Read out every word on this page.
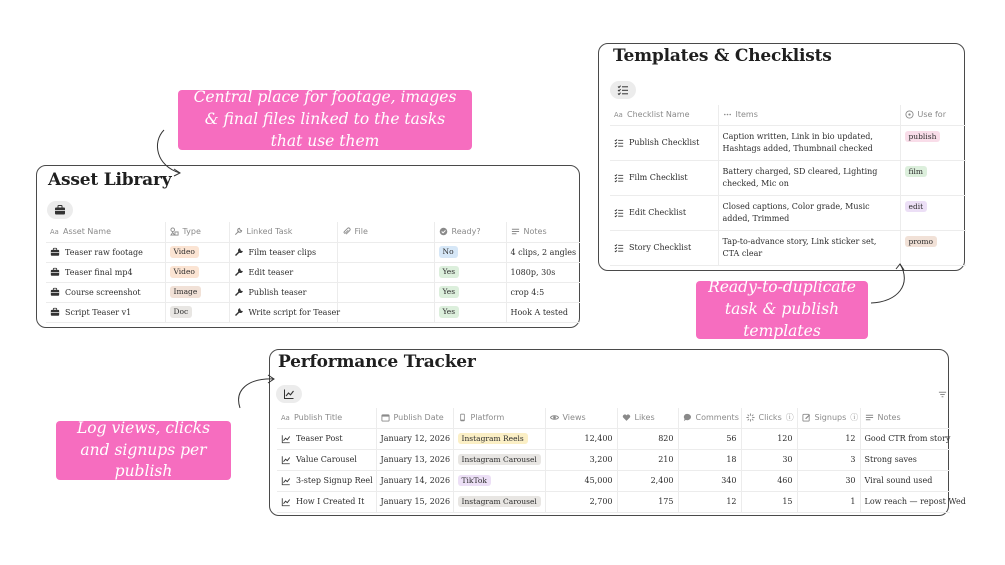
Asset Library
Aa Asset Name	Type	Linked Task	File	Ready?	Notes

Teaser raw footage	Video	Film teaser clips		No	4 clips, 2 angles

Teaser final mp4	Video	Edit teaser		Yes	1080p, 30s

Course screenshot	Image	Publish teaser		Yes	crop 4:5

Script Teaser v1	Doc	Write script for Teaser		Yes	Hook A tested
Templates & Checklists
Aa Checklist Name	Items	Use for

Publish Checklist	Caption written, Link in bio updated, Hashtags added, Thumbnail checked	publish

Film Checklist	Battery charged, SD cleared, Lighting checked, Mic on	film

Edit Checklist	Closed captions, Color grade, Music added, Trimmed	edit

Story Checklist	Tap-to-advance story, Link sticker set, CTA clear	promo
Performance Tracker
Aa Publish Title	Publish Date	Platform	Views	Likes	Comments	Clicks ⓘ	Signups ⓘ	Notes

Teaser Post	January 12, 2026	Instagram Reels	12,400	820	56	120	12	Good CTR from story

Value Carousel	January 13, 2026	Instagram Carousel	3,200	210	18	30	3	Strong saves

3-step Signup Reel	January 14, 2026	TikTok	45,000	2,400	340	460	30	Viral sound used

How I Created It	January 15, 2026	Instagram Carousel	2,700	175	12	15	1	Low reach — repost Wed
Central place for footage, images & final files linked to the tasks that use them
Ready-to-duplicate task & publish templates
Log views, clicks and signups per publish
